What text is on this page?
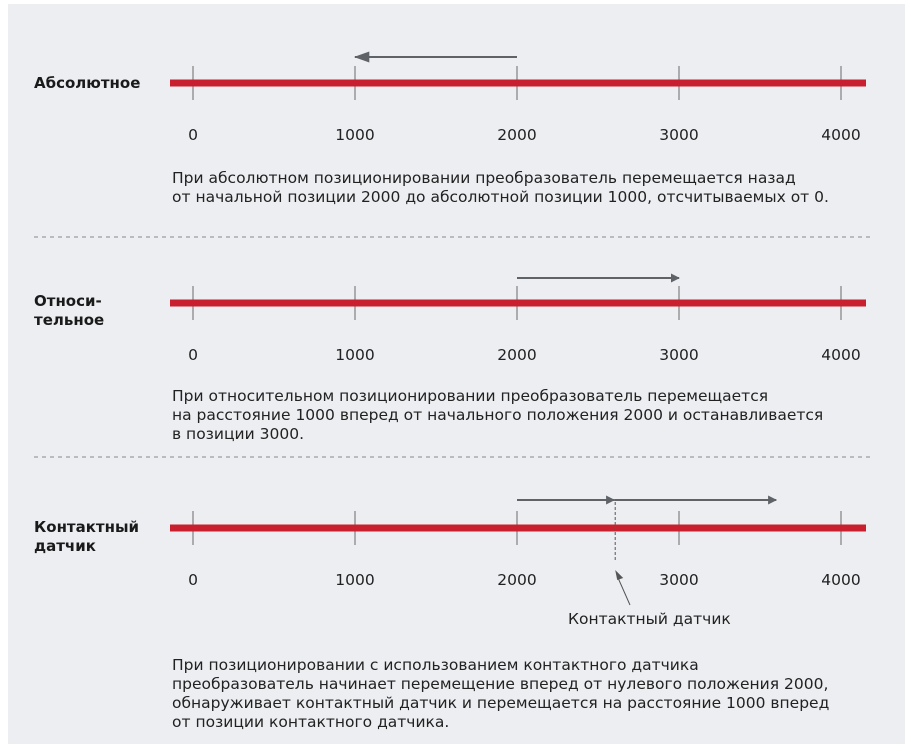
0	1000	2000	3000	4000
0	1000	2000	3000	4000
0	1000	2000	3000	4000
Абсолютное
При абсолютном позиционировании преобразователь перемещается назад
от начальной позиции 2000 до абсолютной позиции 1000, отсчитываемых от 0.
Относи-
тельное
При относительном позиционировании преобразователь перемещается
на расстояние 1000 вперед от начального положения 2000 и останавливается
в позиции 3000.
Контактный
датчик
Контактный датчик
При позиционировании с использованием контактного датчика
преобразователь начинает перемещение вперед от нулевого положения 2000,
обнаруживает контактный датчик и перемещается на расстояние 1000 вперед
от позиции контактного датчика.
